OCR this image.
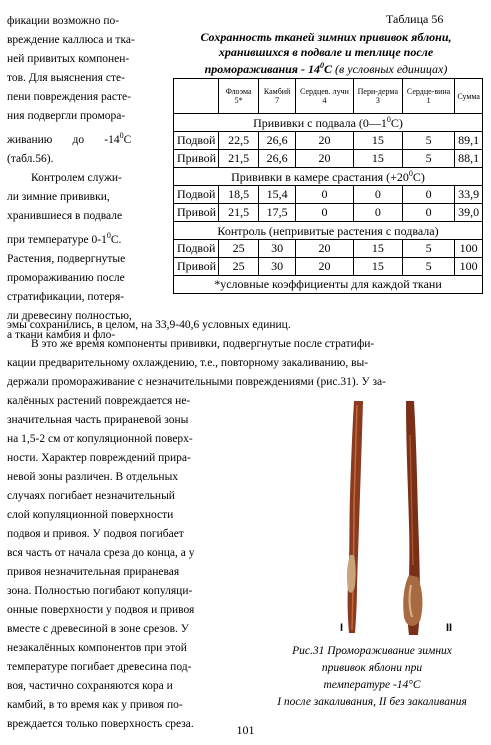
фикации возможно по-

вреждение каллюса и тка-

ней привитых компонен-

тов. Для выяснения сте-

пени повреждения расте-

ния подвергли проморa-

живанию       до       $-14^0C$

(табл.56).

Контролем служи-

ли зимние прививки,

хранившиеся в подвале

при температуре $0-1^0С$.

Растения, подвергнутые

проморaживанию после

стратификации, потеря-

ли древесину полностью,

а ткани камбия и фло-

Таблица 56
Сохранность тканей зимних прививок яблони,
хранившихся в подвале и теплице после
промораживания - $14^0С$ (в условных единицах)
	Флоэма 5*	Камбий 7	Сердцев. лучи 4	Пери-дерма 3	Сердце-вина 1	Сумма
Прививки с подвала $(0—1^0С)$						
Подвой	22,5	26,6	20	15	5	89,1
Привой	21,5	26,6	20	15	5	88,1
Прививки в камере срастания $(+20^0С)$						
Подвой	18,5	15,4	0	0	0	33,9
Привой	21,5	17,5	0	0	0	39,0
Контроль (непривитые растения с подвала)						
Подвой	25	30	20	15	5	100
Привой	25	30	20	15	5	100
*условные коэффициенты для каждой ткани						

эмы сохранились, в целом, на 33,9-40,6 условных единиц.

В это же время компоненты прививки, подвергнутые после стратифи-

кации предварительному охлаждению, т.е., повторному закаливанию, вы-

держали проморaживание с незначительными повреждениями (рис.31). У за-

калённых растений повреждается не-

значительная часть приранeвой зоны

на 1,5-2 см от копуляционной поверх-

ности. Характер повреждений прира-

невой зоны различен. В отдельных

случаях погибает незначительный

слой копуляционной поверхности

подвоя и привоя. У подвоя погибает

вся часть от начала среза до конца, а у

привоя незначительная приранeвая

зона. Полностью погибают копуляци-

онные поверхности у подвоя и привоя

вместе с древесиной в зоне срезов. У

незакалённых компонентов при этой

температуре погибает древесина под-

воя, частично сохраняются кора и

камбий, в то время как у привоя по-

вреждается только поверхность среза.

I	II
Рис.31 Проморaживание зимних
прививок яблони при
температуре -14°С
I после закаливания, II без закаливания
101
